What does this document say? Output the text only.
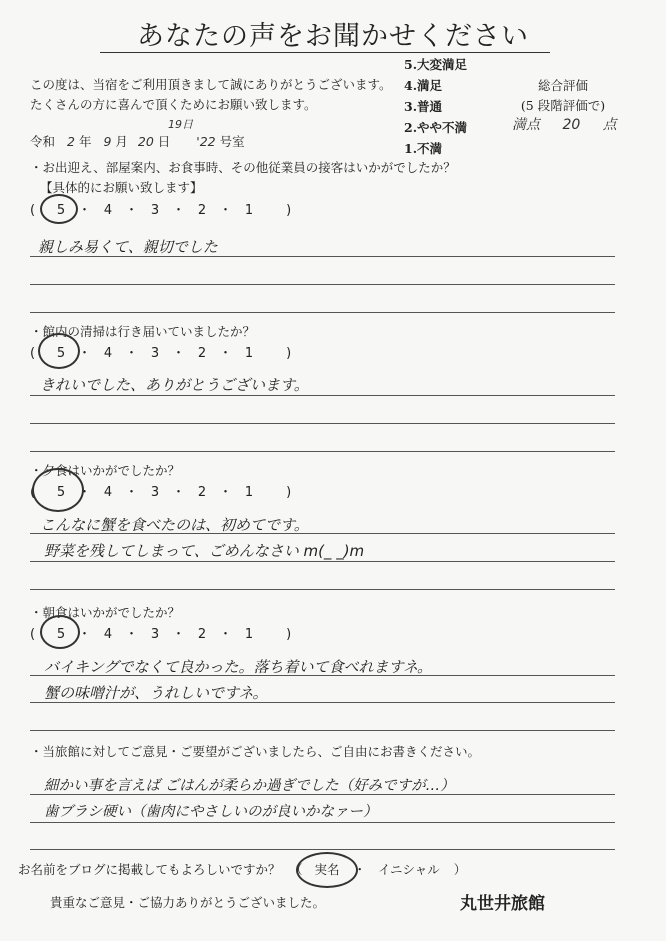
あなたの声をお聞かせください
この度は、当宿をご利用頂きまして誠にありがとうございます。
たくさんの方に喜んで頂くためにお願い致します。
5.大変満足
4.満足
3.普通
2.やや不満
1.不満
総合評価
(5 段階評価で)
満点 20 点
19日
令和 2 年 9 月 20 日 '22 号室
・お出迎え、部屋案内、お食事時、その他従業員の接客はいかがでしたか？
【具体的にお願い致します】
( 5 ・ 4 ・ 3 ・ 2 ・ 1	)
親しみ易くて、親切でした
・館内の清掃は行き届いていましたか？
( 5 ・ 4 ・ 3 ・ 2 ・ 1	)
きれいでした、ありがとうございます。
・夕食はいかがでしたか？
( 5 ・ 4 ・ 3 ・ 2 ・ 1	)
こんなに蟹を食べたのは、初めてです。
野菜を残してしまって、ごめんなさい m(_ _)m
・朝食はいかがでしたか？
( 5 ・ 4 ・ 3 ・ 2 ・ 1	)
バイキングでなくて良かった。落ち着いて食べれますネ。
蟹の味噌汁が、うれしいですネ。
・当旅館に対してご意見・ご要望がございましたら、ご自由にお書きください。
細かい事を言えば ごはんが柔らか過ぎでした（好みですが…）
歯ブラシ硬い（歯肉にやさしいのが良いかなァー）
お名前をブログに掲載してもよろしいですか？ （ 実名 ・ イニシャル ）
貴重なご意見・ご協力ありがとうございました。	丸世井旅館
